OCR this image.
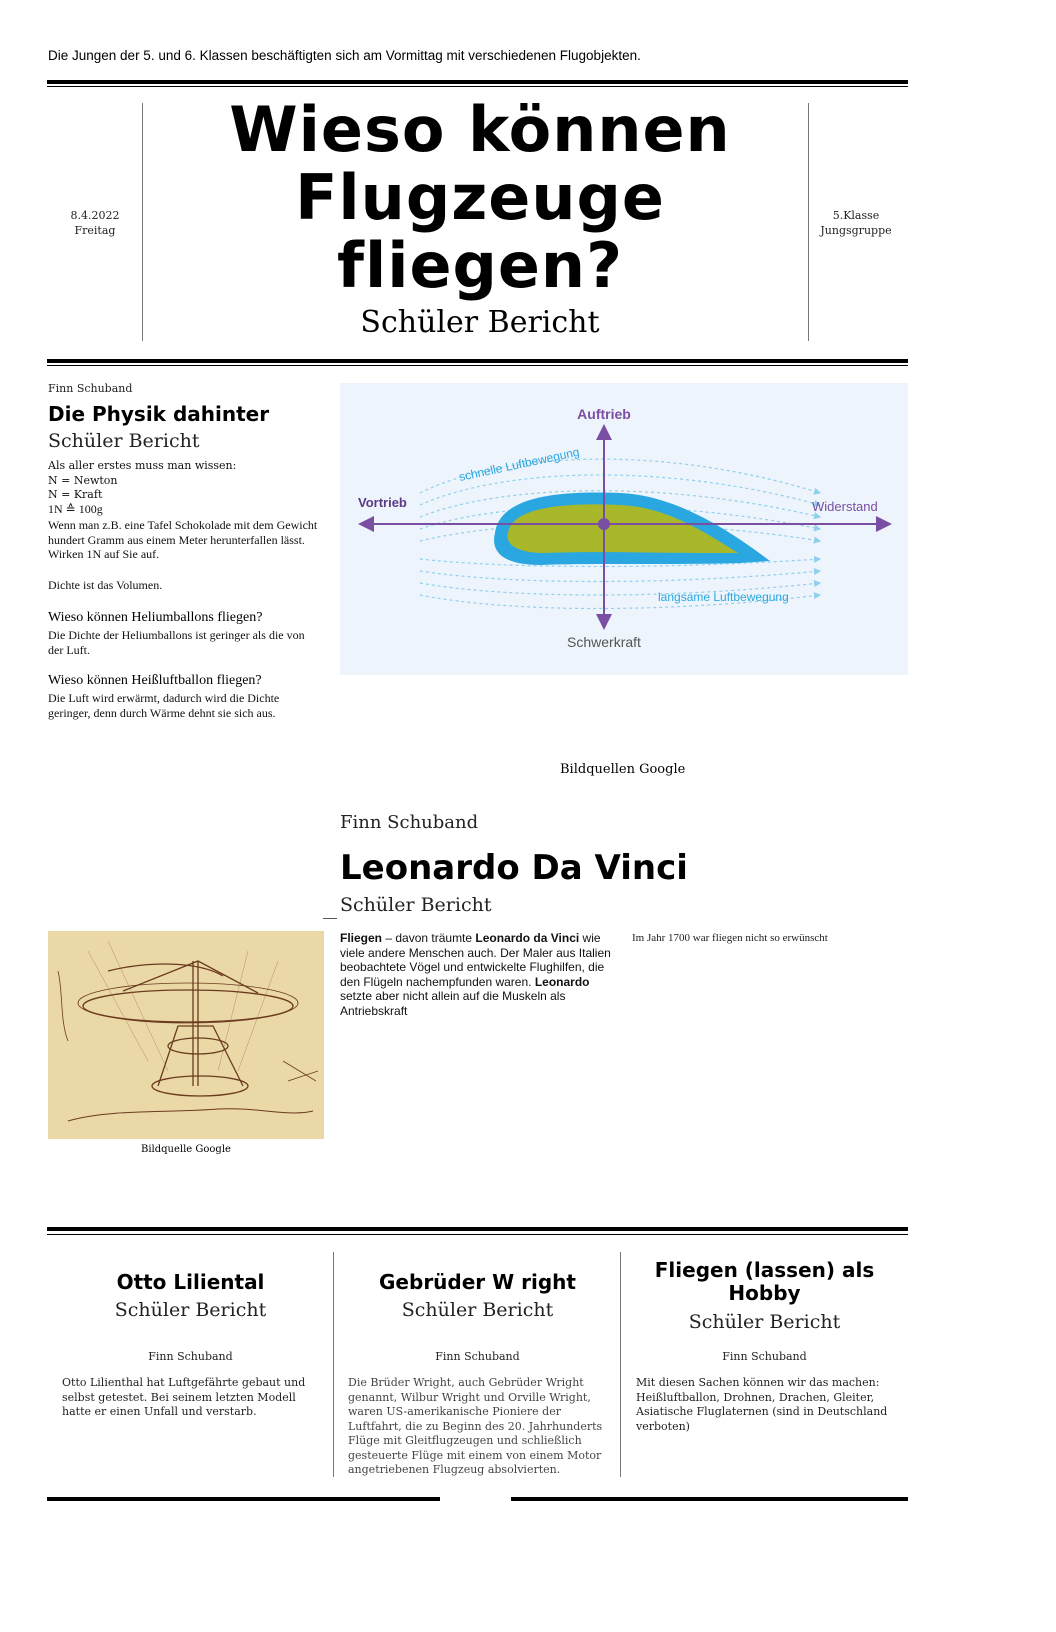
Die Jungen der 5. und 6. Klassen beschäftigten sich am Vormittag mit verschiedenen Flugobjekten.
8.4.2022
Freitag
Wieso können
Flugzeuge
fliegen?
Schüler Bericht
5.Klasse
Jungsgruppe
Finn Schuband
Die Physik dahinter
Schüler Bericht
Als aller erstes muss man wissen:
N = Newton
N = Kraft
1N ≙ 100g
Wenn man z.B. eine Tafel Schokolade mit dem Gewicht hundert Gramm aus einem Meter herunterfallen lässt. Wirken 1N auf Sie auf.
Dichte ist das Volumen.
Wieso können Heliumballons fliegen?
Die Dichte der Heliumballons ist geringer als die von der Luft.
Wieso können Heißluftballon fliegen?
Die Luft wird erwärmt, dadurch wird die Dichte geringer, denn durch Wärme dehnt sie sich aus.
Auftrieb
Schwerkraft
Vortrieb	Widerstand
schnelle Luftbewegung
langsame Luftbewegung
Bildquellen Google
Finn Schuband
Leonardo Da Vinci
Schüler Bericht
Fliegen – davon träumte Leonardo da Vinci wie viele andere Menschen auch. Der Maler aus Italien beobachtete Vögel und entwickelte Flughilfen, die den Flügeln nachempfunden waren. Leonardo setzte aber nicht allein auf die Muskeln als Antriebskraft
Im Jahr 1700 war fliegen nicht so erwünscht
Bildquelle Google
Otto Liliental
Schüler Bericht
Finn Schuband
Otto Lilienthal hat Luftgefährte gebaut und selbst getestet. Bei seinem letzten Modell hatte er einen Unfall und verstarb.
Gebrüder W right
Schüler Bericht
Finn Schuband
Die Brüder Wright, auch Gebrüder Wright genannt, Wilbur Wright und Orville Wright, waren US-amerikanische Pioniere der Luftfahrt, die zu Beginn des 20. Jahrhunderts Flüge mit Gleitflugzeugen und schließlich gesteuerte Flüge mit einem von einem Motor angetriebenen Flugzeug absolvierten.
Fliegen (lassen) als Hobby
Schüler Bericht
Finn Schuband
Mit diesen Sachen können wir das machen: Heißluftballon, Drohnen, Drachen, Gleiter, Asiatische Fluglaternen (sind in Deutschland verboten)
